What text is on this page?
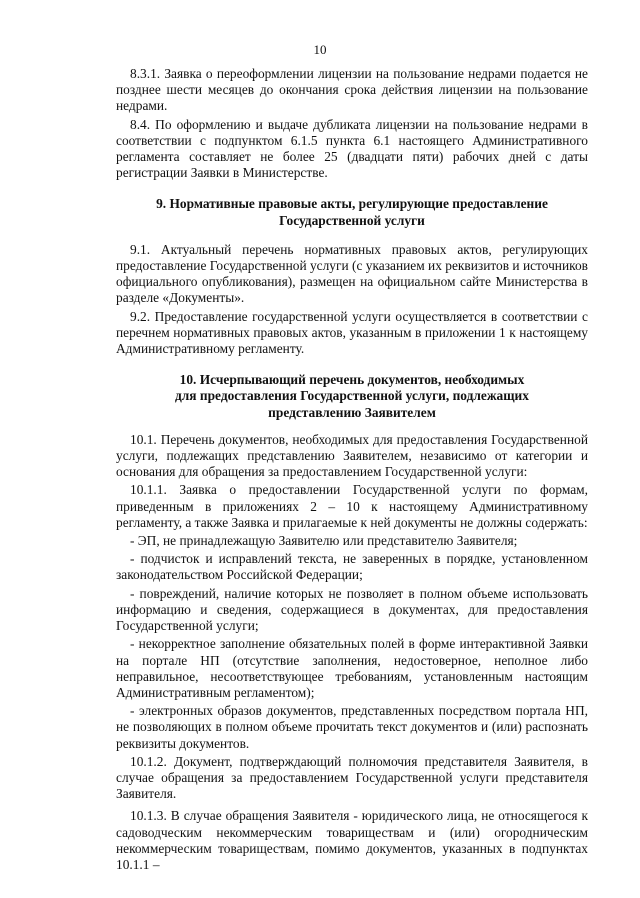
10

8.3.1. Заявка о переоформлении лицензии на пользование недрами подается не позднее шести месяцев до окончания срока действия лицензии на пользование недрами.

8.4. По оформлению и выдаче дубликата лицензии на пользование недрами в соответствии с подпунктом 6.1.5 пункта 6.1 настоящего Административного регламента составляет не более 25 (двадцати пяти) рабочих дней с даты регистрации Заявки в Министерстве.

9. Нормативные правовые акты, регулирующие предоставление
Государственной услуги

9.1. Актуальный перечень нормативных правовых актов, регулирующих предоставление Государственной услуги (с указанием их реквизитов и источников официального опубликования), размещен на официальном сайте Министерства в разделе «Документы».

9.2. Предоставление государственной услуги осуществляется в соответствии с перечнем нормативных правовых актов, указанным в приложении 1 к настоящему Административному регламенту.

10. Исчерпывающий перечень документов, необходимых
для предоставления Государственной услуги, подлежащих
представлению Заявителем

10.1. Перечень документов, необходимых для предоставления Государственной услуги, подлежащих представлению Заявителем, независимо от категории и основания для обращения за предоставлением Государственной услуги:

10.1.1. Заявка о предоставлении Государственной услуги по формам, приведенным в приложениях 2 – 10 к настоящему Административному регламенту, а также Заявка и прилагаемые к ней документы не должны содержать:

- ЭП, не принадлежащую Заявителю или представителю Заявителя;

- подчисток и исправлений текста, не заверенных в порядке, установленном законодательством Российской Федерации;

- повреждений, наличие которых не позволяет в полном объеме использовать информацию и сведения, содержащиеся в документах, для предоставления Государственной услуги;

- некорректное заполнение обязательных полей в форме интерактивной Заявки на портале НП (отсутствие заполнения, недостоверное, неполное либо неправильное, несоответствующее требованиям, установленным настоящим Административным регламентом);

- электронных образов документов, представленных посредством портала НП, не позволяющих в полном объеме прочитать текст документов и (или) распознать реквизиты документов.

10.1.2. Документ, подтверждающий полномочия представителя Заявителя, в случае обращения за предоставлением Государственной услуги представителя Заявителя.

10.1.3. В случае обращения Заявителя - юридического лица, не относящегося к садоводческим некоммерческим товариществам и (или) огородническим некоммерческим товариществам, помимо документов, указанных в подпунктах 10.1.1 –
